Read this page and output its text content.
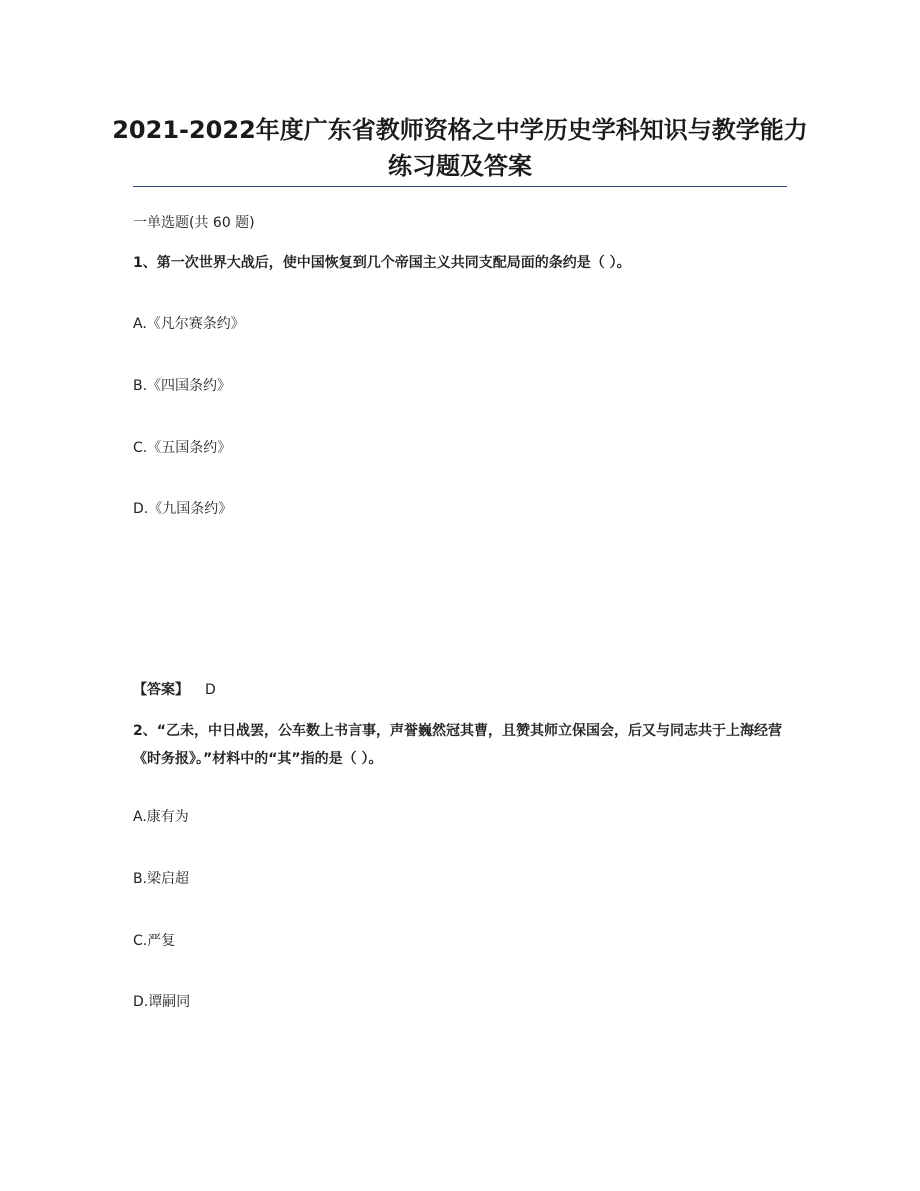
2021-2022年度广东省教师资格之中学历史学科知识与教学能力练习题及答案
一单选题(共 60 题)
1、第一次世界大战后，使中国恢复到几个帝国主义共同支配局面的条约是（ ）。
A.《凡尔赛条约》
B.《四国条约》
C.《五国条约》
D.《九国条约》
【答案】 D
2、“乙未，中日战罢，公车数上书言事，声誉巍然冠其曹，且赞其师立保国会，后又与同志共于上海经营《时务报》。”材料中的“其”指的是（ ）。
A.康有为
B.梁启超
C.严复
D.谭嗣同
